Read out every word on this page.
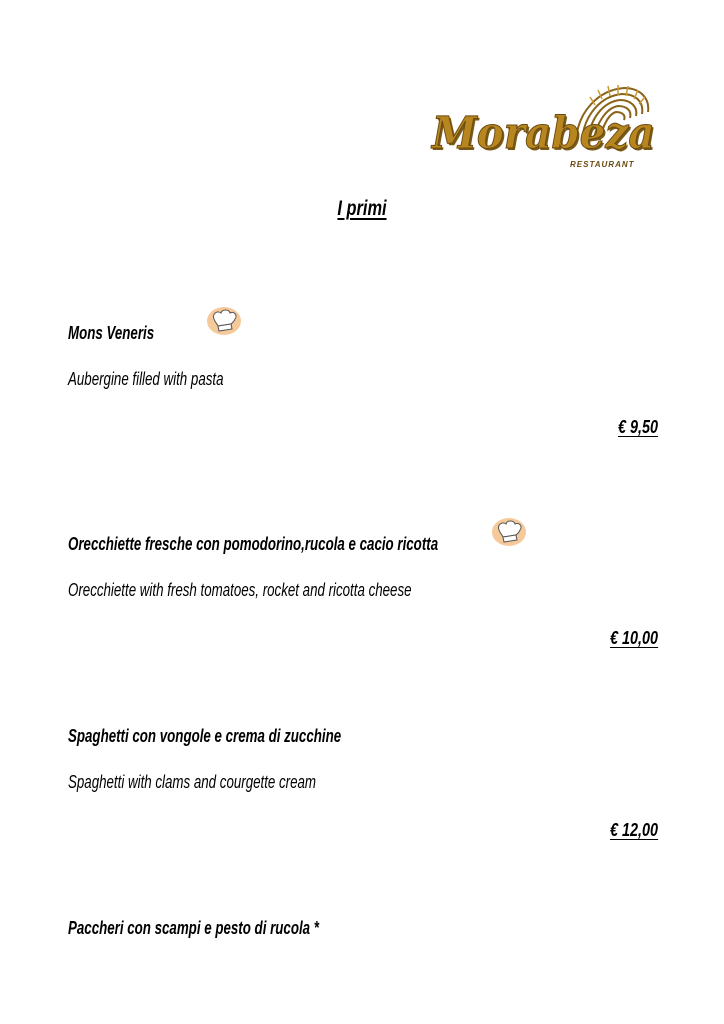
Morabeza
RESTAURANT
I primi
Mons Veneris
Aubergine filled with pasta
€ 9,50
Orecchiette fresche con pomodorino,rucola e cacio ricotta
Orecchiette with fresh tomatoes, rocket and ricotta cheese
€ 10,00
Spaghetti con vongole e crema di zucchine
Spaghetti with clams and courgette cream
€ 12,00
Paccheri con scampi e pesto di rucola *
